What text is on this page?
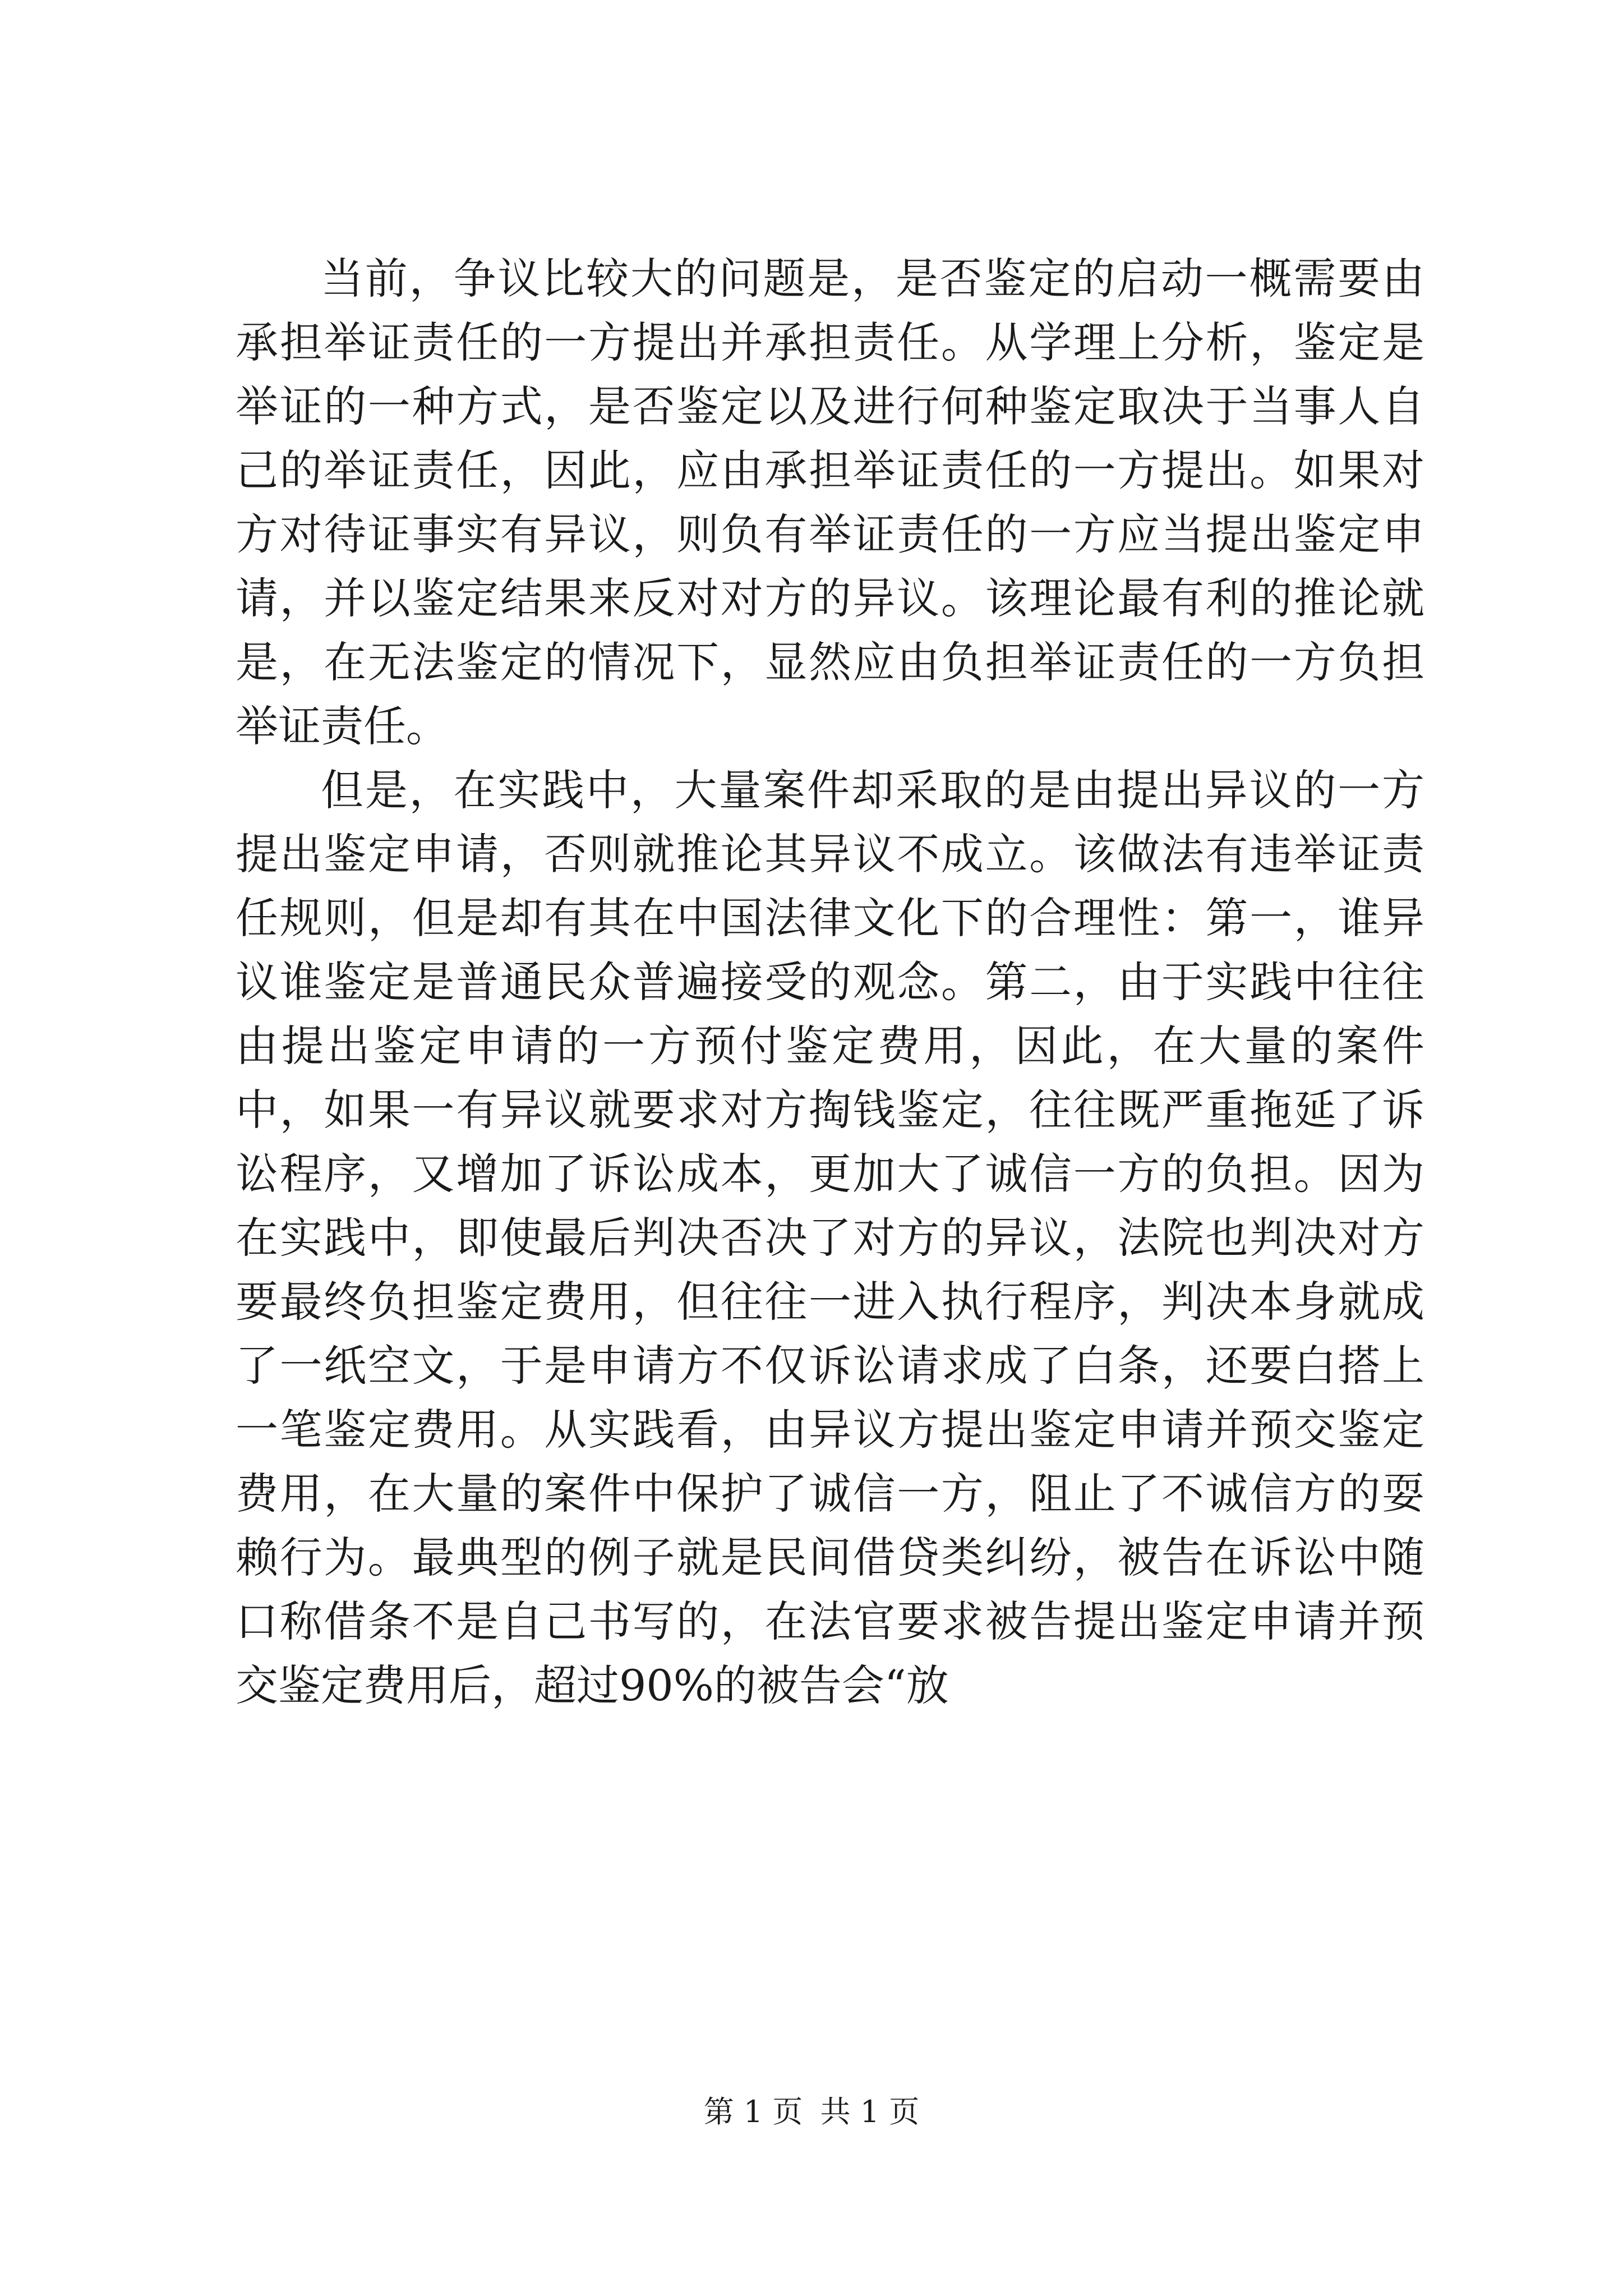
当前，争议比较大的问题是，是否鉴定的启动一概需要由承担举证责任的一方提出并承担责任。从学理上分析，鉴定是举证的一种方式，是否鉴定以及进行何种鉴定取决于当事人自己的举证责任，因此，应由承担举证责任的一方提出。如果对方对待证事实有异议，则负有举证责任的一方应当提出鉴定申请，并以鉴定结果来反对对方的异议。该理论最有利的推论就是，在无法鉴定的情况下，显然应由负担举证责任的一方负担举证责任。

但是，在实践中，大量案件却采取的是由提出异议的一方提出鉴定申请，否则就推论其异议不成立。该做法有违举证责任规则，但是却有其在中国法律文化下的合理性：第一，谁异议谁鉴定是普通民众普遍接受的观念。第二，由于实践中往往由提出鉴定申请的一方预付鉴定费用，因此，在大量的案件中，如果一有异议就要求对方掏钱鉴定，往往既严重拖延了诉讼程序，又增加了诉讼成本，更加大了诚信一方的负担。因为在实践中，即使最后判决否决了对方的异议，法院也判决对方要最终负担鉴定费用，但往往一进入执行程序，判决本身就成了一纸空文，于是申请方不仅诉讼请求成了白条，还要白搭上一笔鉴定费用。从实践看，由异议方提出鉴定申请并预交鉴定费用，在大量的案件中保护了诚信一方，阻止了不诚信方的耍赖行为。最典型的例子就是民间借贷类纠纷，被告在诉讼中随口称借条不是自己书写的，在法官要求被告提出鉴定申请并预交鉴定费用后，超过90%的被告会“放

第 1 页 共 1 页
